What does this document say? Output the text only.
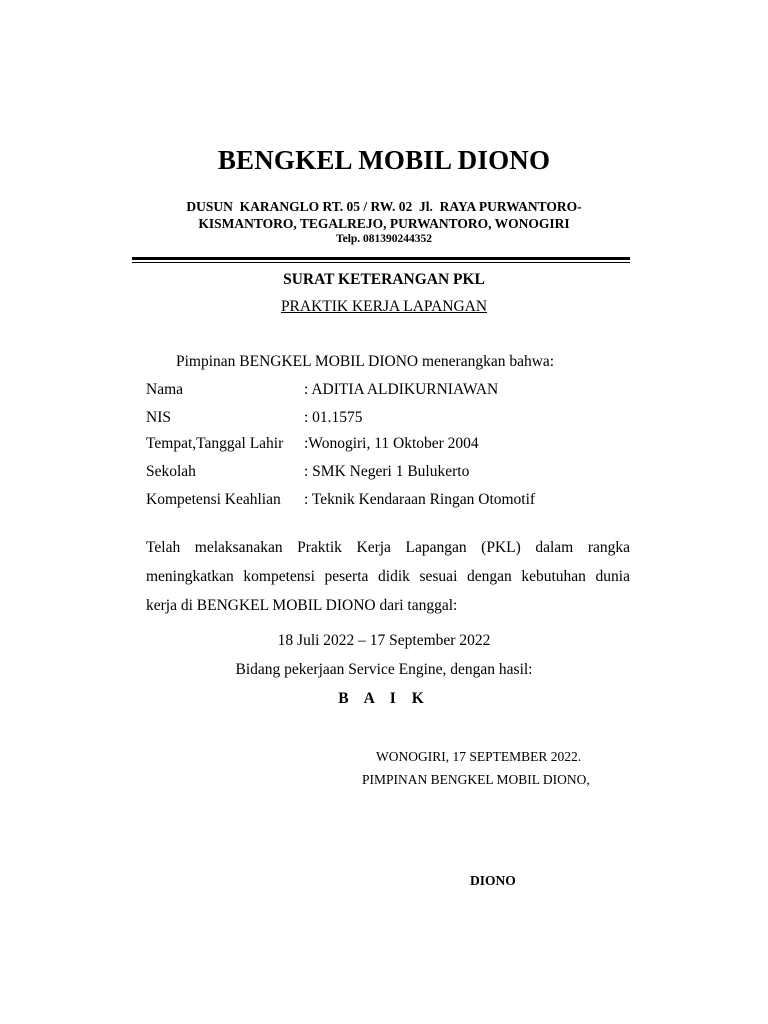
BENGKEL MOBIL DIONO
DUSUN  KARANGLO RT. 05 / RW. 02  Jl.  RAYA PURWANTORO-
KISMANTORO, TEGALREJO, PURWANTORO, WONOGIRI
Telp. 081390244352
SURAT KETERANGAN PKL
PRAKTIK KERJA LAPANGAN
Pimpinan BENGKEL MOBIL DIONO menerangkan bahwa:
Nama	: ADITIA ALDIKURNIAWAN
NIS	: 01.1575
Tempat,Tanggal Lahir :Wonogiri, 11 Oktober 2004
Sekolah	: SMK Negeri 1 Bulukerto
Kompetensi Keahlian : Teknik Kendaraan Ringan Otomotif
Telah melaksanakan Praktik Kerja Lapangan (PKL) dalam rangka
meningkatkan kompetensi peserta didik sesuai dengan kebutuhan dunia
kerja di BENGKEL MOBIL DIONO dari tanggal:
18 Juli 2022 – 17 September 2022
Bidang pekerjaan Service Engine, dengan hasil:
B A I K
WONOGIRI, 17 SEPTEMBER 2022.
PIMPINAN BENGKEL MOBIL DIONO,
DIONO
